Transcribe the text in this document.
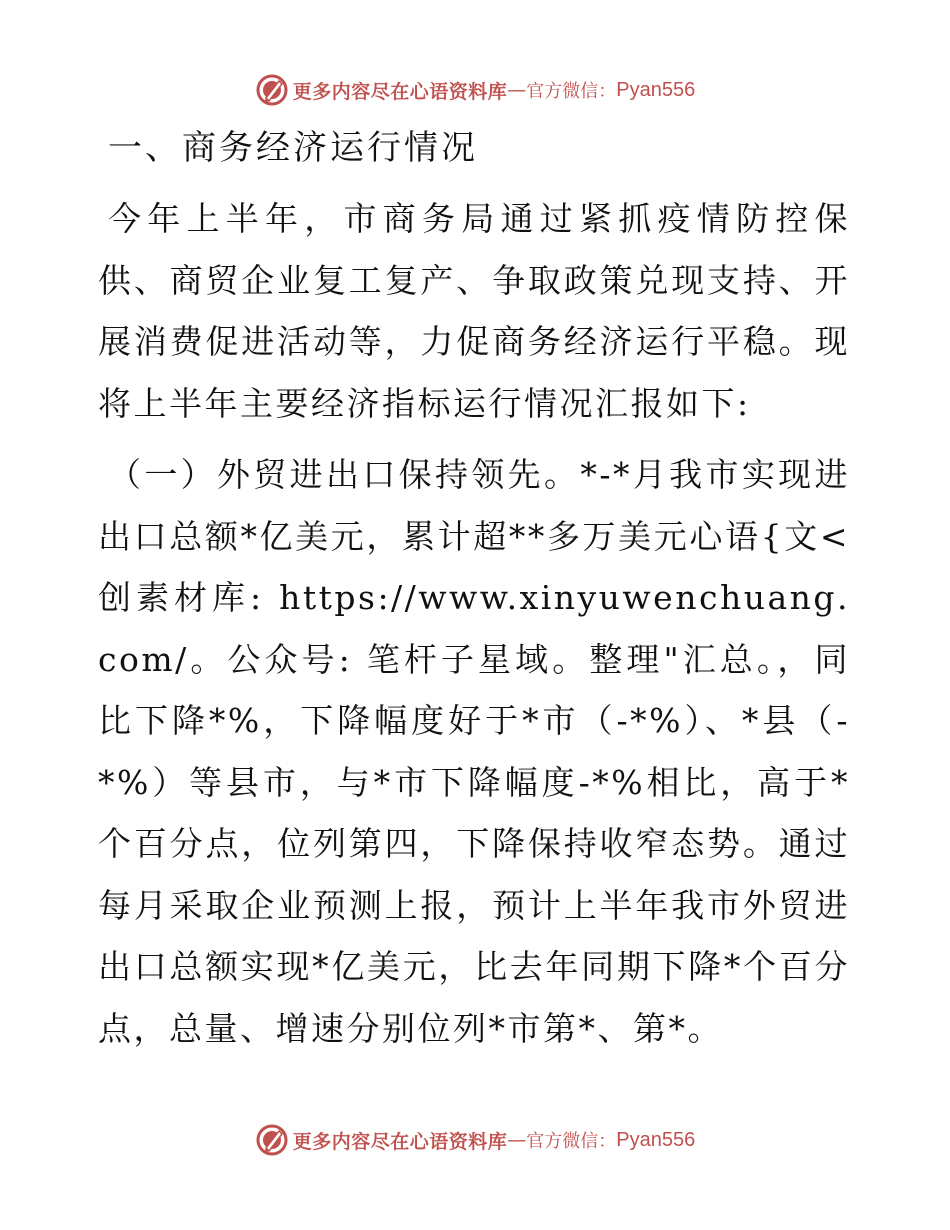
更多内容尽在心语资料库 — 官方微信： Pyan556
一、商务经济运行情况

今年上半年，市商务局通过紧抓疫情防控保供、商贸企业复工复产、争取政策兑现支持、开展消费促进活动等，力促商务经济运行平稳。现将上半年主要经济指标运行情况汇报如下:

（一）外贸进出口保持领先。*-*月我市实现进出口总额*亿美元，累计超**多万美元心语{文<创素材库: https://www.xinyuwenchuang.com/。公众号: 笔杆子星域。整理"汇总。，同比下降*%，下降幅度好于*市（-*%）、*县（-*%）等县市，与*市下降幅度-*%相比，高于*个百分点，位列第四，下降保持收窄态势。通过每月采取企业预测上报，预计上半年我市外贸进出口总额实现*亿美元，比去年同期下降*个百分点，总量、增速分别位列*市第*、第*。

更多内容尽在心语资料库 — 官方微信： Pyan556
